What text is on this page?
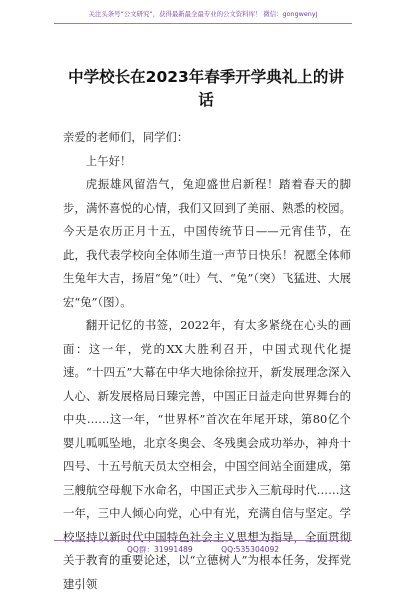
关注头条号“公文研究”，获得最新最全最专业的公文资料库！ 微信：gongwenyj
中学校长在2023年春季开学典礼上的讲话

亲爱的老师们，同学们：

上午好！

虎振雄风留浩气，兔迎盛世启新程！踏着春天的脚步，满怀喜悦的心情，我们又回到了美丽、熟悉的校园。今天是农历正月十五，中国传统节日——元宵佳节，在此，我代表学校向全体师生道一声节日快乐！祝愿全体师生兔年大吉，扬眉“兔”（吐）气、“兔”（突）飞猛进、大展宏“兔”（图）。

翻开记忆的书签，2022年，有太多紧绕在心头的画面：这一年，党的XX大胜利召开，中国式现代化提速。“十四五”大幕在中华大地徐徐拉开，新发展理念深入人心、新发展格局日臻完善，中国正日益走向世界舞台的中央……这一年，“世界杯”首次在年尾开球，第80亿个婴儿呱呱坠地，北京冬奥会、冬残奥会成功举办，神舟十四号、十五号航天员太空相会，中国空间站全面建成，第三艘航空母舰下水命名，中国正式步入三航母时代……这一年，三中人倾心向党，心中有光，充满自信与坚定。学校坚持以新时代中国特色社会主义思想为指导，全面贯彻关于教育的重要论述，以“立德树人”为根本任务，发挥党建引领

QQ群：31991489	QQ:535304092
